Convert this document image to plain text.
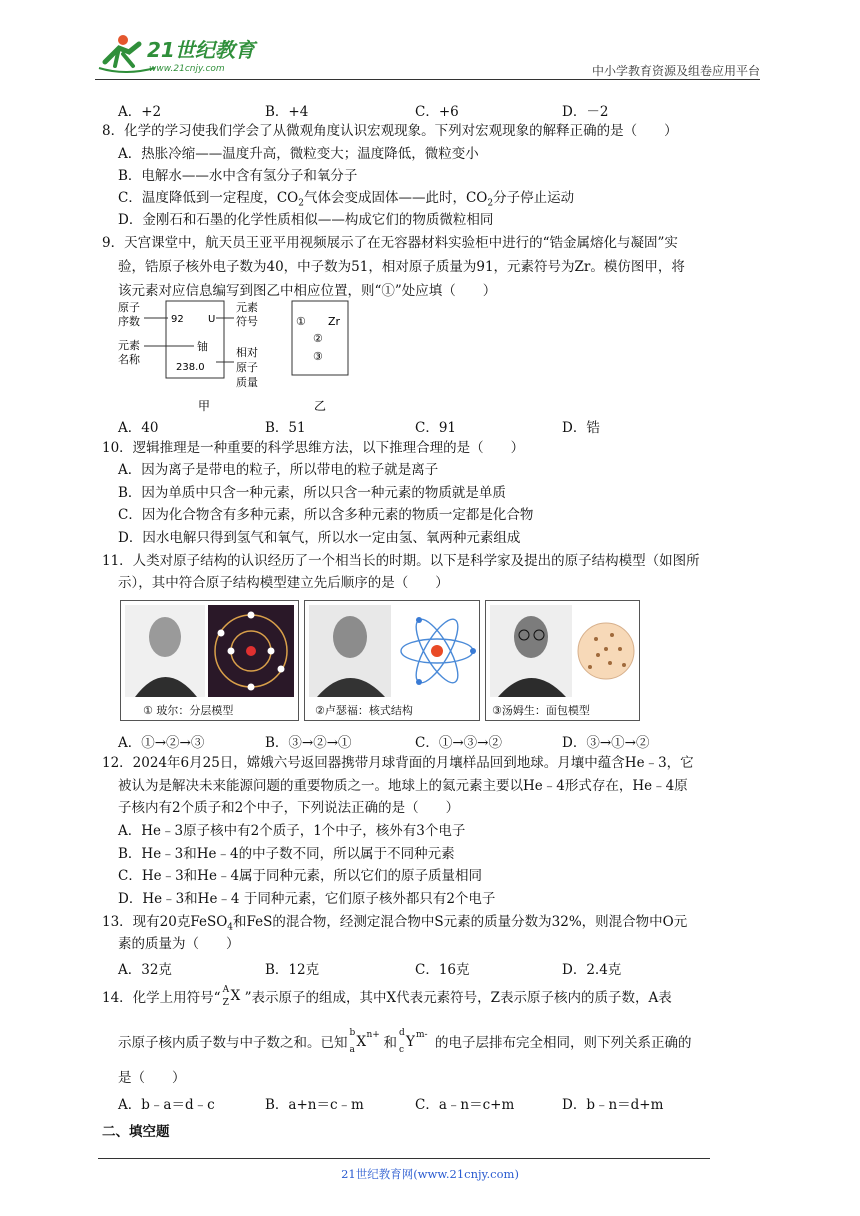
21世纪教育
www.21cnjy.com	中小学教育资源及组卷应用平台
A．+2	B．+4	C．+6	D．－2
8．化学的学习使我们学会了从微观角度认识宏观现象。下列对宏观现象的解释正确的是（　　）
A．热胀冷缩——温度升高，微粒变大；温度降低，微粒变小
B．电解水——水中含有氢分子和氧分子
C．温度降低到一定程度，$CO_2$气体会变成固体——此时，$CO_2$分子停止运动
D．金刚石和石墨的化学性质相似——构成它们的物质微粒相同
9．天宫课堂中，航天员王亚平用视频展示了在无容器材料实验柜中进行的“锆金属熔化与凝固”实
验，锆原子核外电子数为40，中子数为51，相对原子质量为91，元素符号为Zr。模仿图甲，将
该元素对应信息编写到图乙中相应位置，则“①”处应填（　　）
原子
序数	92 U
元素
符号
元素
名称
铀
238.0
相对
原子
质量
甲
① Zr
②
③
乙
A．40	B．51	C．91	D．锆
10．逻辑推理是一种重要的科学思维方法，以下推理合理的是（　　）
A．因为离子是带电的粒子，所以带电的粒子就是离子
B．因为单质中只含一种元素，所以只含一种元素的物质就是单质
C．因为化合物含有多种元素，所以含多种元素的物质一定都是化合物
D．因水电解只得到氢气和氧气，所以水一定由氢、氧两种元素组成
11．人类对原子结构的认识经历了一个相当长的时期。以下是科学家及提出的原子结构模型（如图所
示），其中符合原子结构模型建立先后顺序的是（　　）
① 玻尔：分层模型	②卢瑟福：核式结构	③汤姆生：面包模型
A．①→②→③	B．③→②→①	C．①→③→②	D．③→①→②
12．2024年6月25日，嫦娥六号返回器携带月球背面的月壤样品回到地球。月壤中蕴含He﹣3，它
被认为是解决未来能源问题的重要物质之一。地球上的氦元素主要以He﹣4形式存在，He﹣4原
子核内有2个质子和2个中子，下列说法正确的是（　　）
A．He﹣3原子核中有2个质子，1个中子，核外有3个电子
B．He﹣3和He﹣4的中子数不同，所以属于不同种元素
C．He﹣3和He﹣4属于同种元素，所以它们的原子质量相同
D．He﹣3和He﹣4 于同种元素，它们原子核外都只有2个电子
13．现有20克FeSO$_4$和FeS的混合物，经测定混合物中S元素的质量分数为32%，则混合物中O元
素的质量为（　　）
A．32克	B．12克	C．16克	D．2.4克
14．化学上用符号“ A
Z X ”表示原子的组成，其中X代表元素符号，Z表示原子核内的质子数，A表
示原子核内质子数与中子数之和。已知
b
a X n+ 和
d
c Y m- 的电子层排布完全相同，则下列关系正确的
是（　　）
A．b﹣a＝d﹣c	B．a+n＝c﹣m	C．a﹣n＝c+m	D．b﹣n＝d+m
二、填空题
21世纪教育网(www.21cnjy.com)
